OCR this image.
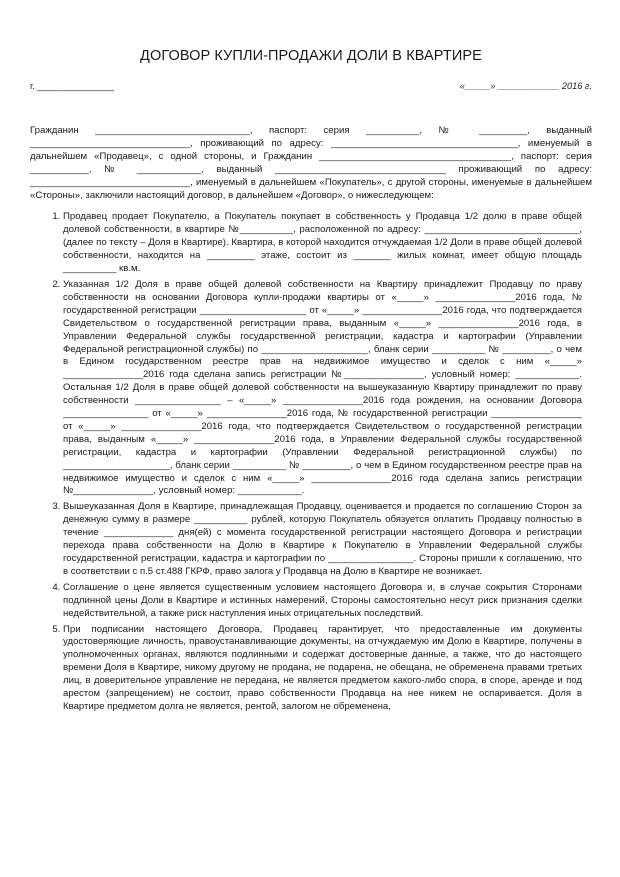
ДОГОВОР КУПЛИ-ПРОДАЖИ ДОЛИ В КВАРТИРЕ
г. _______________	«_____» ____________ 2016 г.

Гражданин _____________________________, паспорт: серия __________, № _________, выданный ______________________________, проживающий по адресу: ___________________________________, именуемый в дальнейшем «Продавец», с одной стороны, и Гражданин ____________________________________, паспорт: серия ___________, № ____________, выданный ________________________________ проживающий по адресу: ______________________________, именуемый в дальнейшем «Покупатель», с другой стороны, именуемые в дальнейшем «Стороны», заключили настоящий договор, в дальнейшем «Договор», о нижеследующем:

1. Продавец продает Покупателю, а Покупатель покупает в собственность у Продавца 1/2 долю в праве общей долевой собственности, в квартире №__________, расположенной по адресу: _____________________________, (далее по тексту – Доля в Квартире). Квартира, в которой находится отчуждаемая 1/2 Доли в праве общей долевой собственности, находится на _________ этаже, состоит из _______ жилых комнат, имеет общую площадь __________ кв.м.
2. Указанная 1/2 Доля в праве общей долевой собственности на Квартиру принадлежит Продавцу по праву собственности на основании Договора купли-продажи квартиры от «_____» _______________2016 года, № государственной регистрации ____________________ от «_____» _______________2016 года, что подтверждается Свидетельством о государственной регистрации права, выданным «_____» _______________2016 года, в Управлении Федеральной службы государственной регистрации, кадастра и картографии (Управлении Федеральной регистрационной службы) по ____________________, бланк серии __________ № _________, о чем в Едином государственном реестре прав на недвижимое имущество и сделок с ним «_____» _______________2016 года сделана запись регистрации №_______________, условный номер: ____________. Остальная 1/2 Доля в праве общей долевой собственности на вышеуказанную Квартиру принадлежит по праву собственности ________________ – «_____» _______________2016 года рождения, на основании Договора ________________ от «_____» _______________2016 года, № государственной регистрации _________________ от «_____» _______________2016 года, что подтверждается Свидетельством о государственной регистрации права, выданным «_____» _______________2016 года, в Управлении Федеральной службы государственной регистрации, кадастра и картографии (Управлении Федеральной регистрационной службы) по ____________________, бланк серии __________ № _________, о чем в Едином государственном реестре прав на недвижимое имущество и сделок с ним «_____» _______________2016 года сделана запись регистрации №_______________, условный номер: ____________.
3. Вышеуказанная Доля в Квартире, принадлежащая Продавцу, оценивается и продается по соглашению Сторон за денежную сумму в размере __________ рублей, которую Покупатель обязуется оплатить Продавцу полностью в течение _____________ дня(ей) с момента государственной регистрации настоящего Договора и регистрации перехода права собственности на Долю в Квартире к Покупателю в Управлении Федеральной службы государственной регистрации, кадастра и картографии по ________________. Стороны пришли к соглашению, что в соответствии с п.5 ст.488 ГКРФ, право залога у Продавца на Долю в Квартире не возникает.
4. Соглашение о цене является существенным условием настоящего Договора и, в случае сокрытия Сторонами подлинной цены Доли в Квартире и истинных намерений, Стороны самостоятельно несут риск признания сделки недействительной, а также риск наступления иных отрицательных последствий.
5. При подписании настоящего Договора, Продавец гарантирует, что предоставленные им документы удостоверяющие личность, правоустанавливающие документы, на отчуждаемую им Долю в Квартире, получены в уполномоченных органах, являются подлинными и содержат достоверные данные, а также, что до настоящего времени Доля в Квартире, никому другому не продана, не подарена, не обещана, не обременена правами третьих лиц, в доверительное управление не передана, не является предметом какого-либо спора, в споре, аренде и под арестом (запрещением) не состоит, право собственности Продавца на нее никем не оспаривается. Доля в Квартире предметом долга не является, рентой, залогом не обременена,
